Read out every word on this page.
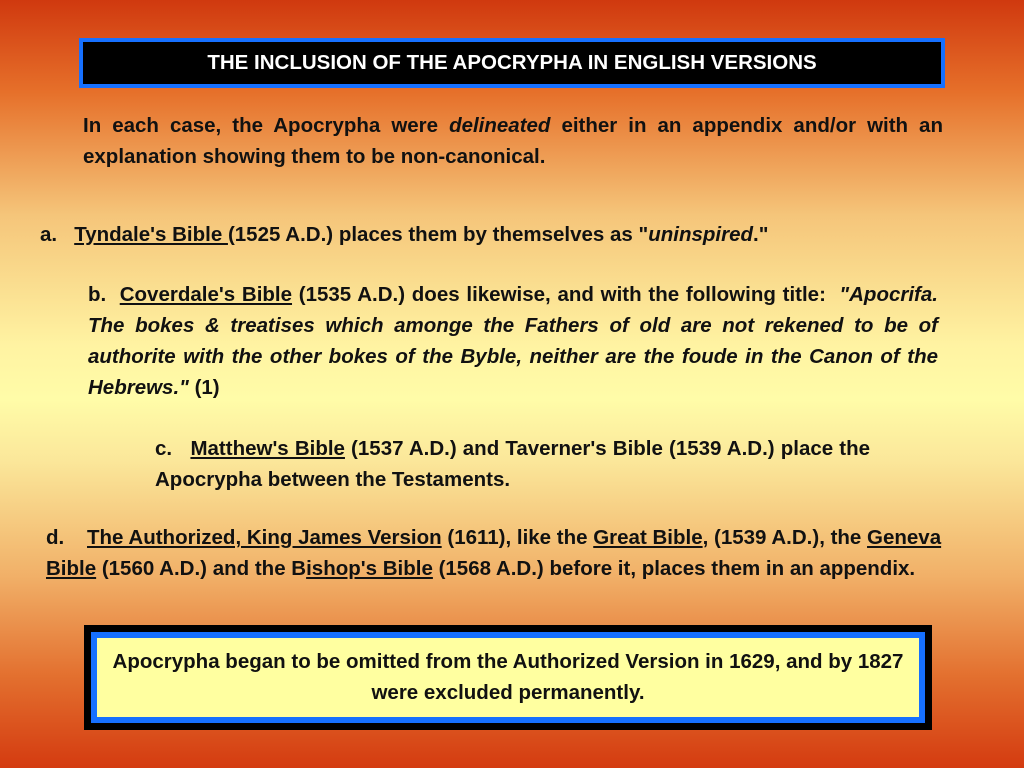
THE INCLUSION OF THE APOCRYPHA IN ENGLISH VERSIONS

In each case, the Apocrypha were delineated either in an appendix and/or with an explanation showing them to be non-canonical.

a. Tyndale's Bible (1525 A.D.) places them by themselves as "uninspired."

b. Coverdale's Bible (1535 A.D.) does likewise, and with the following title: "Apocrifa. The bokes & treatises which amonge the Fathers of old are not rekened to be of authorite with the other bokes of the Byble, neither are the foude in the Canon of the Hebrews." (1)

c. Matthew's Bible (1537 A.D.) and Taverner's Bible (1539 A.D.) place the Apocrypha between the Testaments.

d. The Authorized, King James Version (1611), like the Great Bible, (1539 A.D.), the Geneva Bible (1560 A.D.) and the Bishop's Bible (1568 A.D.) before it, places them in an appendix.

Apocrypha began to be omitted from the Authorized Version in 1629, and by 1827 were excluded permanently.
